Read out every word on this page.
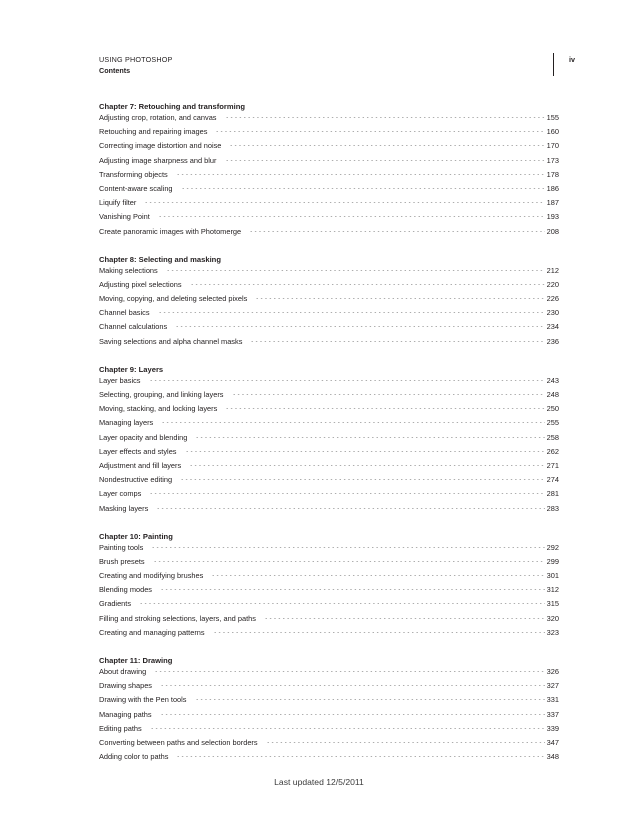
USING PHOTOSHOP
Contents
iv
Chapter 7: Retouching and transforming
Adjusting crop, rotation, and canvas	155
Retouching and repairing images	160
Correcting image distortion and noise	170
Adjusting image sharpness and blur	173
Transforming objects	178
Content-aware scaling	186
Liquify filter	187
Vanishing Point	193
Create panoramic images with Photomerge	208
Chapter 8: Selecting and masking
Making selections	212
Adjusting pixel selections	220
Moving, copying, and deleting selected pixels	226
Channel basics	230
Channel calculations	234
Saving selections and alpha channel masks	236
Chapter 9: Layers
Layer basics	243
Selecting, grouping, and linking layers	248
Moving, stacking, and locking layers	250
Managing layers	255
Layer opacity and blending	258
Layer effects and styles	262
Adjustment and fill layers	271
Nondestructive editing	274
Layer comps	281
Masking layers	283
Chapter 10: Painting
Painting tools	292
Brush presets	299
Creating and modifying brushes	301
Blending modes	312
Gradients	315
Filling and stroking selections, layers, and paths	320
Creating and managing patterns	323
Chapter 11: Drawing
About drawing	326
Drawing shapes	327
Drawing with the Pen tools	331
Managing paths	337
Editing paths	339
Converting between paths and selection borders	347
Adding color to paths	348
Last updated 12/5/2011
